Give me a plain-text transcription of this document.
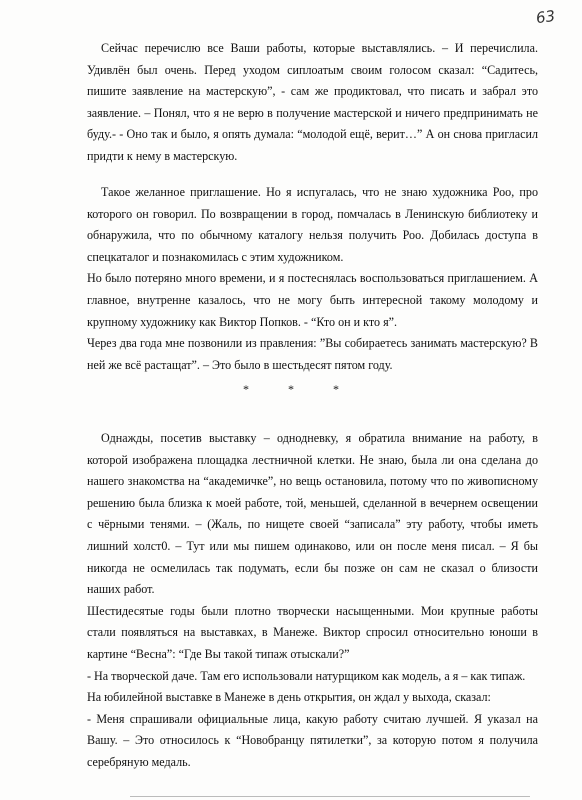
63

Сейчас перечислю все Ваши работы, которые выставлялись. – И перечислила. Удивлён был очень. Перед уходом сиплоатым своим голосом сказал: “Садитесь, пишите заявление на мастерскую”, - сам же продиктовал, что писать и забрал это заявление. – Понял, что я не верю в получение мастерской и ничего предпринимать не буду.- - Оно так и было, я опять думала: “молодой ещё, верит…” А он снова пригласил придти к нему в мастерскую.

Такое желанное приглашение. Но я испугалась, что не знаю художника Роо, про которого он говорил. По возвращении в город, помчалась в Ленинскую библиотеку и обнаружила, что по обычному каталогу нельзя получить Роо. Добилась доступа в спецкаталог и познакомилась с этим художником.

Но было потеряно много времени, и я постеснялась воспользоваться приглашением. А главное, внутренне казалось, что не могу быть интересной такому молодому и крупному художнику как Виктор Попков. - “Кто он и кто я”.

Через два года мне позвонили из правления: ”Вы собираетесь занимать мастерскую? В ней же всё растащат”. – Это было в шестьдесят пятом году.

* * *

Однажды, посетив выставку – однодневку, я обратила внимание на работу, в которой изображена площадка лестничной клетки. Не знаю, была ли она сделана до нашего знакомства на “академичке”, но вещь остановила, потому что по живописному решению была близка к моей работе, той, меньшей, сделанной в вечернем освещении с чёрными тенями. – (Жаль, по нищете своей “записала” эту работу, чтобы иметь лишний холст0. – Тут или мы пишем одинаково, или он после меня писал. – Я бы никогда не осмелилась так подумать, если бы позже он сам не сказал о близости наших работ.

Шестидесятые годы были плотно творчески насыщенными. Мои крупные работы стали появляться на выставках, в Манеже. Виктор спросил относительно юноши в картине “Весна”: “Где Вы такой типаж отыскали?”

- На творческой даче. Там его использовали натурщиком как модель, а я – как типаж.

На юбилейной выставке в Манеже в день открытия, он ждал у выхода, сказал:

- Меня спрашивали официальные лица, какую работу считаю лучшей. Я указал на Вашу. – Это относилось к “Новобранцу пятилетки”, за которую потом я получила серебряную медаль.
